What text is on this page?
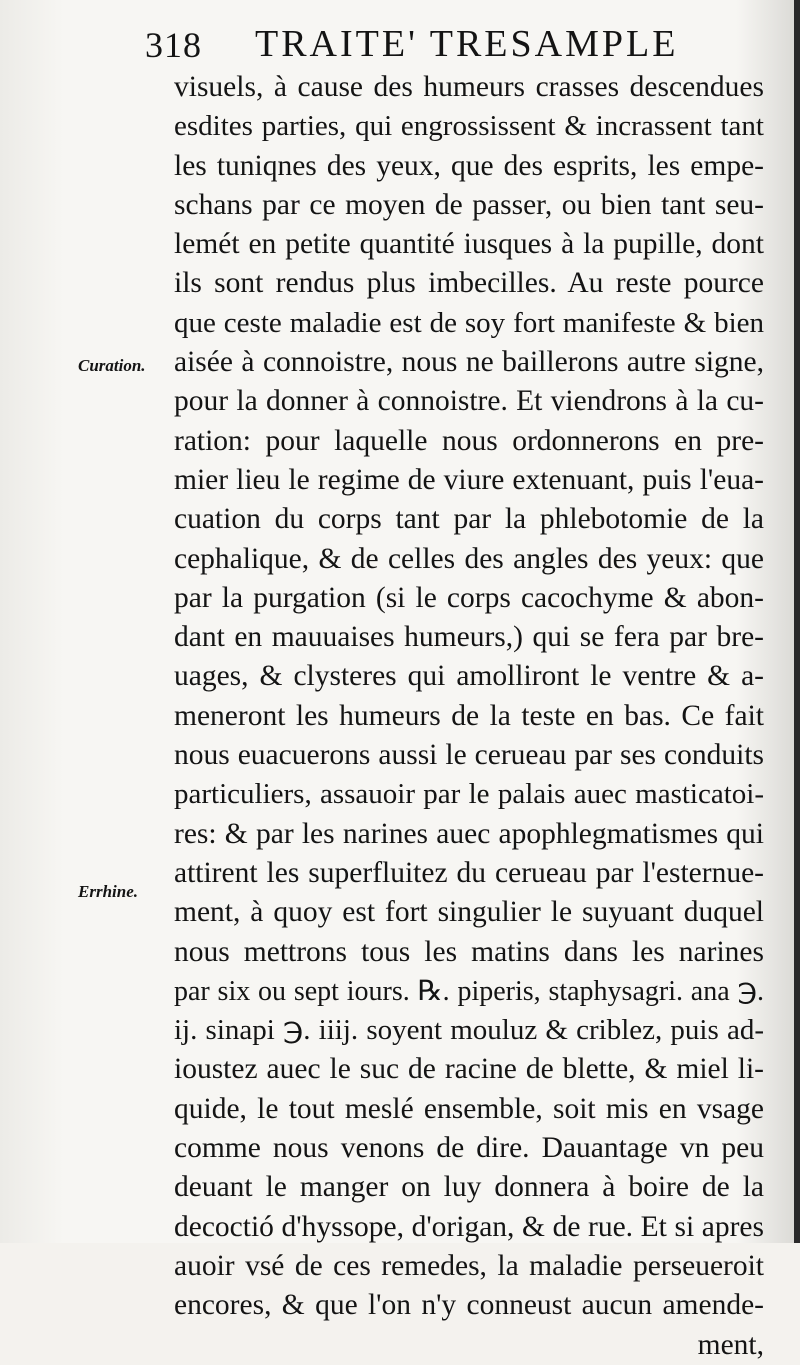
318 TRAITE' TRESAMPLE
Curation.
Errhine.
visuels, à cause des humeurs crasses descendues
esdites parties, qui engrossissent & incrassent tant
les tuniqnes des yeux, que des esprits, les empe-
schans par ce moyen de passer, ou bien tant seu-
lemét en petite quantité iusques à la pupille, dont
ils sont rendus plus imbecilles. Au reste pource
que ceste maladie est de soy fort manifeste & bien
aisée à connoistre, nous ne baillerons autre signe,
pour la donner à connoistre. Et viendrons à la cu-
ration: pour laquelle nous ordonnerons en pre-
mier lieu le regime de viure extenuant, puis l'eua-
cuation du corps tant par la phlebotomie de la
cephalique, & de celles des angles des yeux: que
par la purgation (si le corps cacochyme & abon-
dant en mauuaises humeurs,) qui se fera par bre-
uages, & clysteres qui amolliront le ventre & a-
meneront les humeurs de la teste en bas. Ce fait
nous euacuerons aussi le cerueau par ses conduits
particuliers, assauoir par le palais auec masticatoi-
res: & par les narines auec apophlegmatismes qui
attirent les superfluitez du cerueau par l'esternue-
ment, à quoy est fort singulier le suyuant duquel
nous mettrons tous les matins dans les narines
par six ou sept iours. ℞. piperis, staphysagri. ana ℈.
ij. sinapi ℈. iiij. soyent mouluz & criblez, puis ad-
ioustez auec le suc de racine de blette, & miel li-
quide, le tout meslé ensemble, soit mis en vsage
comme nous venons de dire. Dauantage vn peu
deuant le manger on luy donnera à boire de la
decoctió d'hyssope, d'origan, & de rue. Et si apres
auoir vsé de ces remedes, la maladie perseueroit
encores, & que l'on n'y conneust aucun amende-
ment,
